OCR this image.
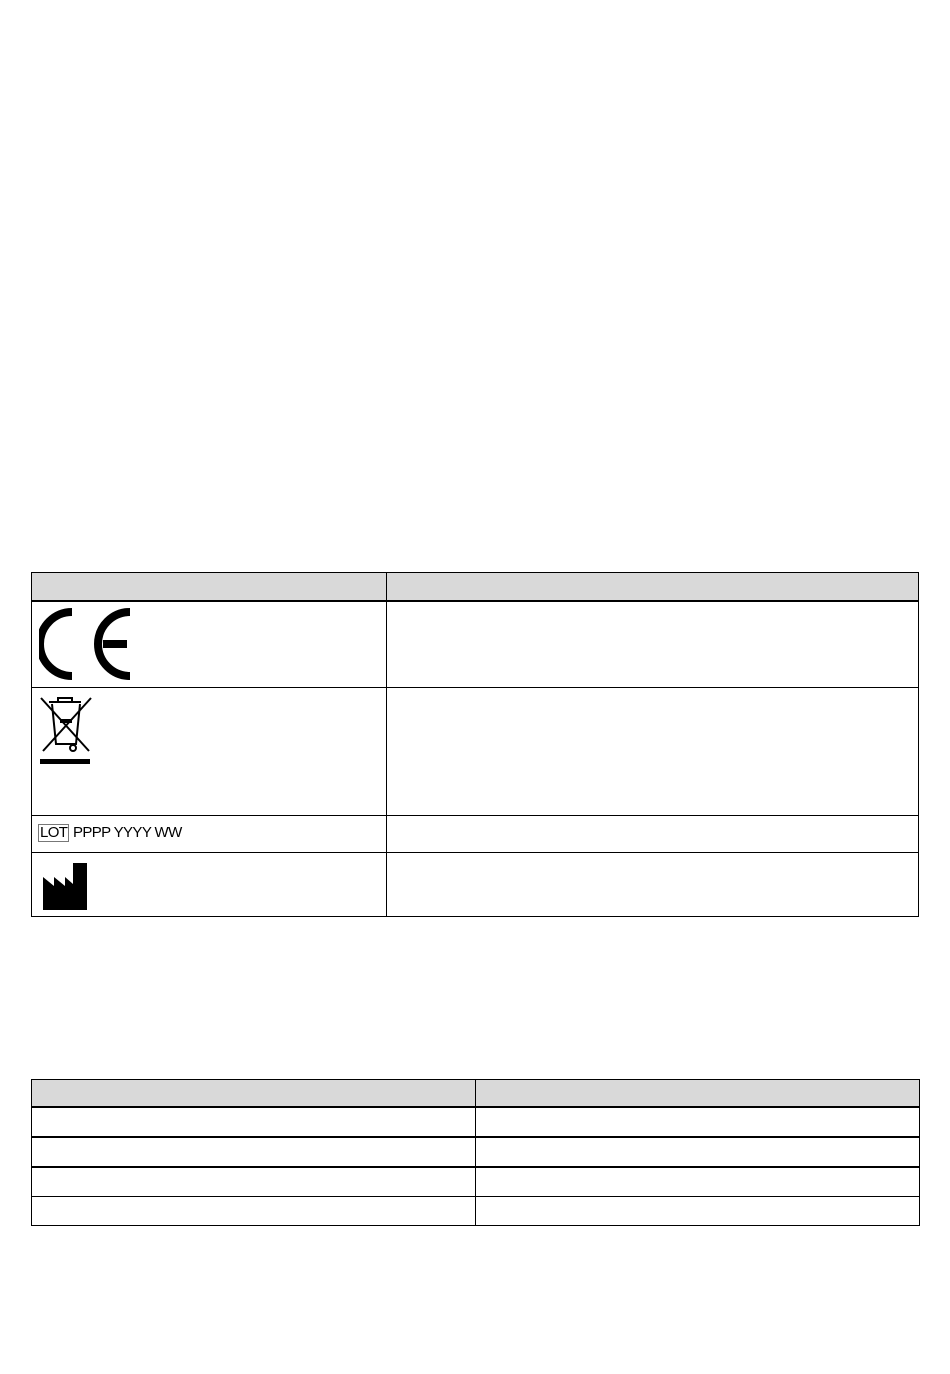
LOT PPPP YYYY WW	
